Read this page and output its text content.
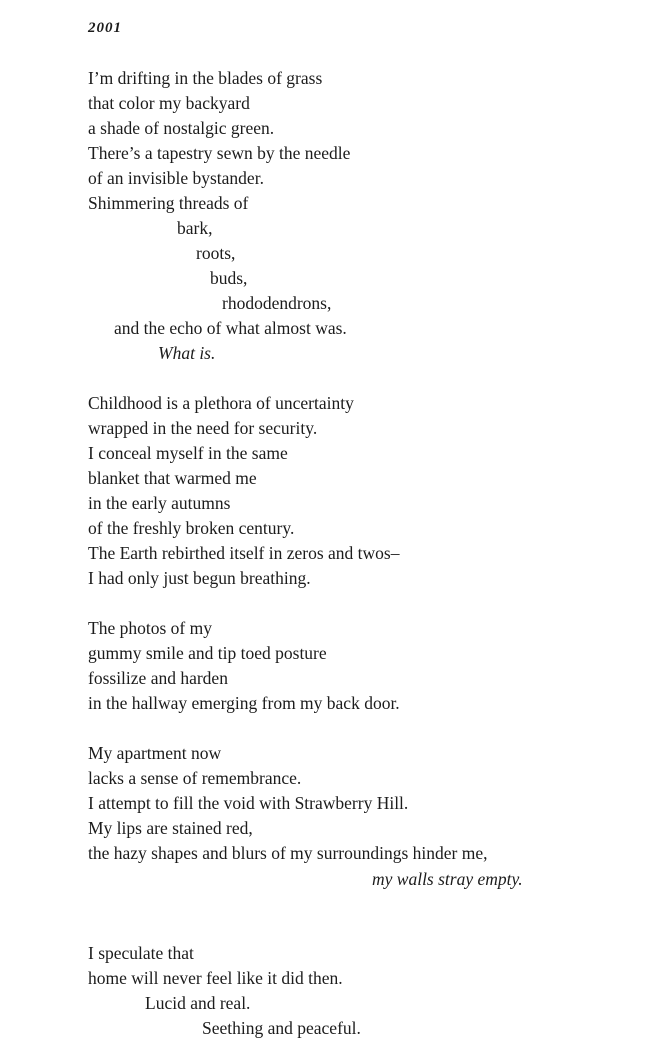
2001
I’m drifting in the blades of grass
that color my backyard
a shade of nostalgic green.
There’s a tapestry sewn by the needle
of an invisible bystander.
Shimmering threads of
bark,
roots,
buds,
rhododendrons,
and the echo of what almost was.
What is.
Childhood is a plethora of uncertainty
wrapped in the need for security.
I conceal myself in the same
blanket that warmed me
in the early autumns
of the freshly broken century.
The Earth rebirthed itself in zeros and twos–
I had only just begun breathing.
The photos of my
gummy smile and tip toed posture
fossilize and harden
in the hallway emerging from my back door.
My apartment now
lacks a sense of remembrance.
I attempt to fill the void with Strawberry Hill.
My lips are stained red,
the hazy shapes and blurs of my surroundings hinder me,
my walls stray empty.
I speculate that
home will never feel like it did then.
Lucid and real.
Seething and peaceful.
